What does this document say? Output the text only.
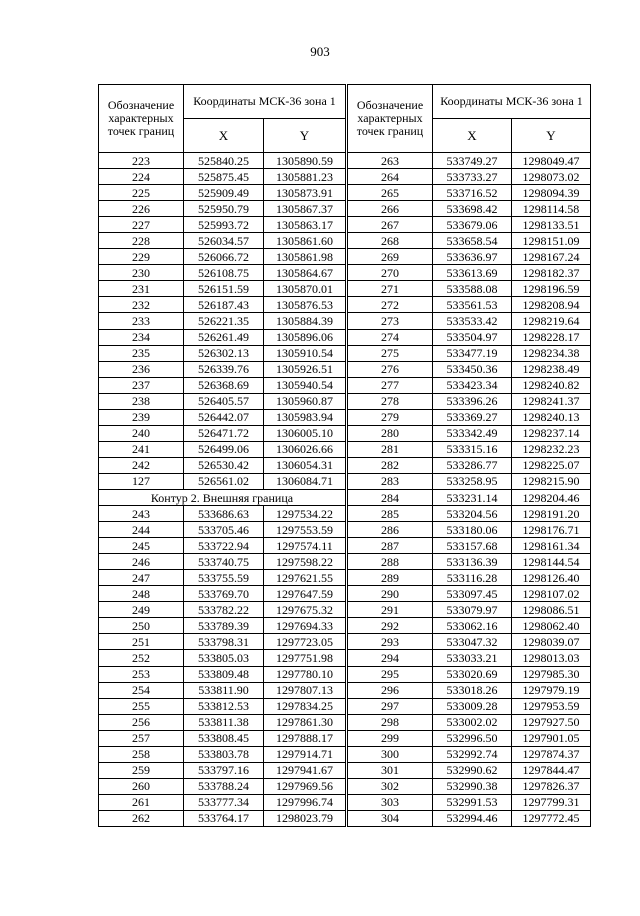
903
Обозначение характерных точек границ	Координаты МСК-36 зона 1	
	X	Y
223	525840.25	1305890.59
224	525875.45	1305881.23
225	525909.49	1305873.91
226	525950.79	1305867.37
227	525993.72	1305863.17
228	526034.57	1305861.60
229	526066.72	1305861.98
230	526108.75	1305864.67
231	526151.59	1305870.01
232	526187.43	1305876.53
233	526221.35	1305884.39
234	526261.49	1305896.06
235	526302.13	1305910.54
236	526339.76	1305926.51
237	526368.69	1305940.54
238	526405.57	1305960.87
239	526442.07	1305983.94
240	526471.72	1306005.10
241	526499.06	1306026.66
242	526530.42	1306054.31
127	526561.02	1306084.71
Контур 2. Внешняя граница		
243	533686.63	1297534.22
244	533705.46	1297553.59
245	533722.94	1297574.11
246	533740.75	1297598.22
247	533755.59	1297621.55
248	533769.70	1297647.59
249	533782.22	1297675.32
250	533789.39	1297694.33
251	533798.31	1297723.05
252	533805.03	1297751.98
253	533809.48	1297780.10
254	533811.90	1297807.13
255	533812.53	1297834.25
256	533811.38	1297861.30
257	533808.45	1297888.17
258	533803.78	1297914.71
259	533797.16	1297941.67
260	533788.24	1297969.56
261	533777.34	1297996.74
262	533764.17	1298023.79
Обозначение характерных точек границ	Координаты МСК-36 зона 1	
	X	Y
263	533749.27	1298049.47
264	533733.27	1298073.02
265	533716.52	1298094.39
266	533698.42	1298114.58
267	533679.06	1298133.51
268	533658.54	1298151.09
269	533636.97	1298167.24
270	533613.69	1298182.37
271	533588.08	1298196.59
272	533561.53	1298208.94
273	533533.42	1298219.64
274	533504.97	1298228.17
275	533477.19	1298234.38
276	533450.36	1298238.49
277	533423.34	1298240.82
278	533396.26	1298241.37
279	533369.27	1298240.13
280	533342.49	1298237.14
281	533315.16	1298232.23
282	533286.77	1298225.07
283	533258.95	1298215.90
284	533231.14	1298204.46
285	533204.56	1298191.20
286	533180.06	1298176.71
287	533157.68	1298161.34
288	533136.39	1298144.54
289	533116.28	1298126.40
290	533097.45	1298107.02
291	533079.97	1298086.51
292	533062.16	1298062.40
293	533047.32	1298039.07
294	533033.21	1298013.03
295	533020.69	1297985.30
296	533018.26	1297979.19
297	533009.28	1297953.59
298	533002.02	1297927.50
299	532996.50	1297901.05
300	532992.74	1297874.37
301	532990.62	1297844.47
302	532990.38	1297826.37
303	532991.53	1297799.31
304	532994.46	1297772.45
